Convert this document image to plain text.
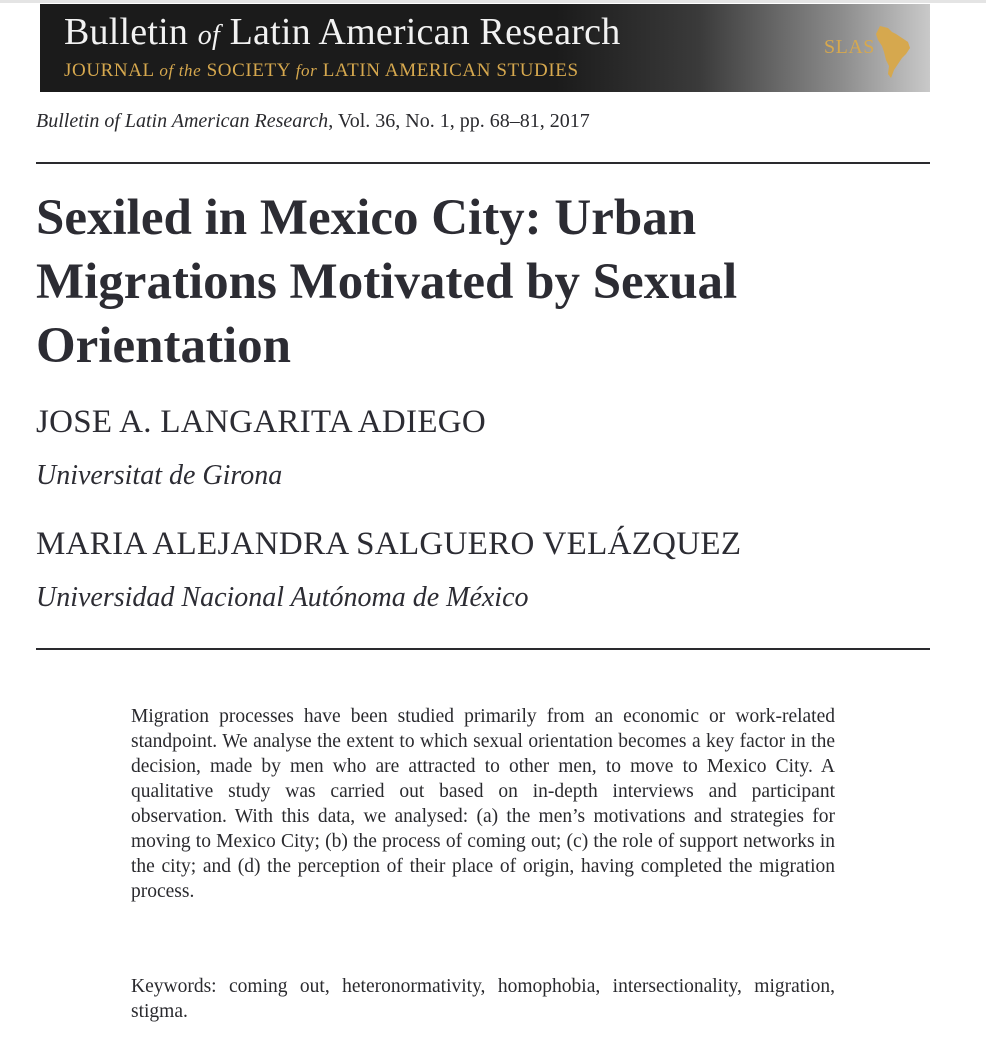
Bulletin of Latin American Research
JOURNAL of the SOCIETY for LATIN AMERICAN STUDIES
SLAS
Bulletin of Latin American Research, Vol. 36, No. 1, pp. 68–81, 2017
Sexiled in Mexico City: Urban Migrations Motivated by Sexual Orientation
JOSE A. LANGARITA ADIEGO
Universitat de Girona
MARIA ALEJANDRA SALGUERO VELÁZQUEZ
Universidad Nacional Autónoma de México

Migration processes have been studied primarily from an economic or work-related standpoint. We analyse the extent to which sexual orientation becomes a key factor in the decision, made by men who are attracted to other men, to move to Mexico City. A qualitative study was carried out based on in-depth interviews and participant observation. With this data, we analysed: (a) the men’s motivations and strategies for moving to Mexico City; (b) the process of coming out; (c) the role of support networks in the city; and (d) the perception of their place of origin, having completed the migration process.

Keywords: coming out, heteronormativity, homophobia, intersectionality, migration, stigma.
